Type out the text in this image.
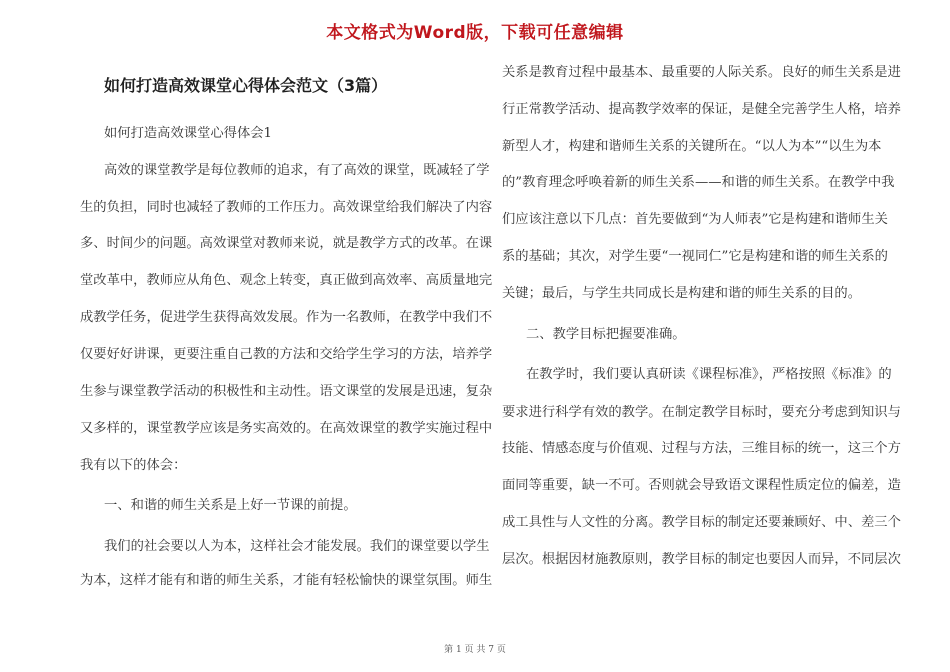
本文格式为Word版，下载可任意编辑
如何打造高效课堂心得体会范文（3篇）
如何打造高效课堂心得体会1
高效的课堂教学是每位教师的追求，有了高效的课堂，既减轻了学
生的负担，同时也减轻了教师的工作压力。高效课堂给我们解决了内容
多、时间少的问题。高效课堂对教师来说，就是教学方式的改革。在课
堂改革中，教师应从角色、观念上转变，真正做到高效率、高质量地完
成教学任务，促进学生获得高效发展。作为一名教师，在教学中我们不
仅要好好讲课，更要注重自己教的方法和交给学生学习的方法，培养学
生参与课堂教学活动的积极性和主动性。语文课堂的发展是迅速，复杂
又多样的，课堂教学应该是务实高效的。在高效课堂的教学实施过程中
我有以下的体会：
一、和谐的师生关系是上好一节课的前提。
我们的社会要以人为本，这样社会才能发展。我们的课堂要以学生
为本，这样才能有和谐的师生关系，才能有轻松愉快的课堂氛围。师生
关系是教育过程中最基本、最重要的人际关系。良好的师生关系是进
行正常教学活动、提高教学效率的保证，是健全完善学生人格，培养
新型人才，构建和谐师生关系的关键所在。“以人为本”“以生为本
的”教育理念呼唤着新的师生关系——和谐的师生关系。在教学中我
们应该注意以下几点：首先要做到“为人师表”它是构建和谐师生关
系的基础；其次，对学生要“一视同仁”它是构建和谐的师生关系的
关键；最后，与学生共同成长是构建和谐的师生关系的目的。
二、教学目标把握要准确。
在教学时，我们要认真研读《课程标准》，严格按照《标准》的
要求进行科学有效的教学。在制定教学目标时，要充分考虑到知识与
技能、情感态度与价值观、过程与方法，三维目标的统一，这三个方
面同等重要，缺一不可。否则就会导致语文课程性质定位的偏差，造
成工具性与人文性的分离。教学目标的制定还要兼顾好、中、差三个
层次。根据因材施教原则，教学目标的制定也要因人而异，不同层次
第 1 页 共 7 页
